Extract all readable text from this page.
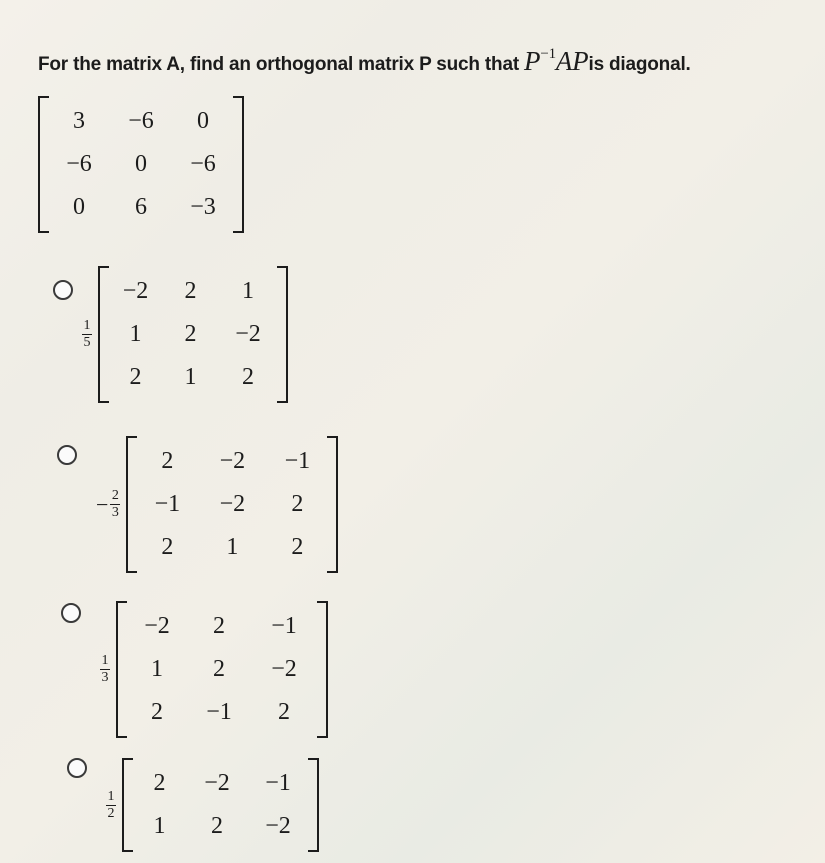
For the matrix A, find an orthogonal matrix P such that $P^{-1}APis$ diagonal.
3	−6	0
−6	0	−6
0	6	−3
$\frac{1}{5}$
−2	2	1
1	2	−2
2	1	2
− $\frac{2}{3}$
2	−2	−1
−1	−2	2
2	1	2
$\frac{1}{3}$
−2	2	−1
1	2	−2
2	−1	2
$\frac{1}{2}$
2	−2	−1
1	2	−2
